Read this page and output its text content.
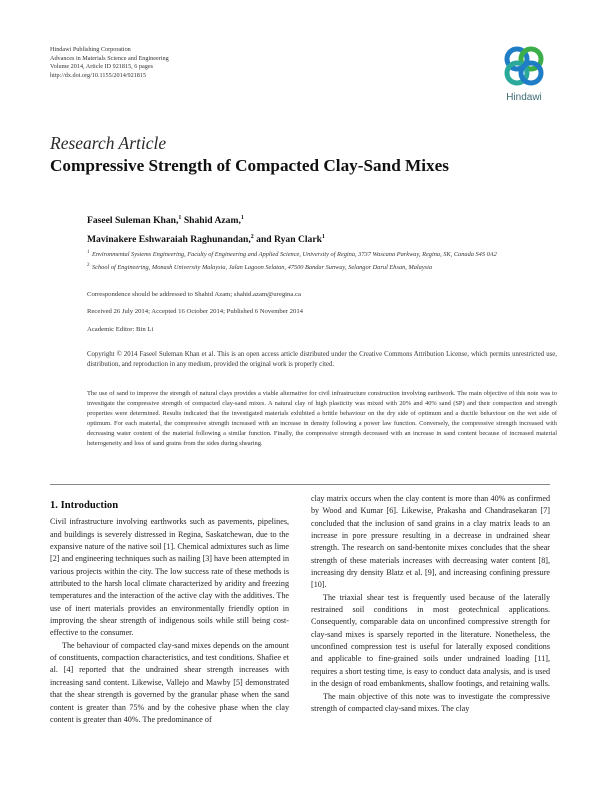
Hindawi Publishing Corporation
Advances in Materials Science and Engineering
Volume 2014, Article ID 921815, 6 pages
http://dx.doi.org/10.1155/2014/921815
Hindawi
Research Article
Compressive Strength of Compacted Clay-Sand Mixes
Faseel Suleman Khan,$^1$ Shahid Azam,$^1$
Mavinakere Eshwaraiah Raghunandan,$^2$ and Ryan Clark$^1$
1 Environmental Systems Engineering, Faculty of Engineering and Applied Science, University of Regina, 3737 Wascana Parkway, Regina, SK, Canada S4S 0A2
2 School of Engineering, Monash University Malaysia, Jalan Lagoon Selatan, 47500 Bandar Sunway, Selangor Darul Ehsan, Malaysia
Correspondence should be addressed to Shahid Azam; shahid.azam@uregina.ca
Received 26 July 2014; Accepted 16 October 2014; Published 6 November 2014
Academic Editor: Bin Li
Copyright © 2014 Faseel Suleman Khan et al. This is an open access article distributed under the Creative Commons Attribution License, which permits unrestricted use, distribution, and reproduction in any medium, provided the original work is properly cited.
The use of sand to improve the strength of natural clays provides a viable alternative for civil infrastructure construction involving earthwork. The main objective of this note was to investigate the compressive strength of compacted clay-sand mixes. A natural clay of high plasticity was mixed with 20% and 40% sand (SP) and their compaction and strength properties were determined. Results indicated that the investigated materials exhibited a brittle behaviour on the dry side of optimum and a ductile behaviour on the wet side of optimum. For each material, the compressive strength increased with an increase in density following a power law function. Conversely, the compressive strength increased with decreasing water content of the material following a similar function. Finally, the compressive strength decreased with an increase in sand content because of increased material heterogeneity and loss of sand grains from the sides during shearing.
1. Introduction

Civil infrastructure involving earthworks such as pavements, pipelines, and buildings is severely distressed in Regina, Saskatchewan, due to the expansive nature of the native soil [1]. Chemical admixtures such as lime [2] and engineering techniques such as nailing [3] have been attempted in various projects within the city. The low success rate of these methods is attributed to the harsh local climate characterized by aridity and freezing temperatures and the interaction of the active clay with the additives. The use of inert materials provides an environmentally friendly option in improving the shear strength of indigenous soils while still being cost-effective to the consumer.

The behaviour of compacted clay-sand mixes depends on the amount of constituents, compaction characteristics, and test conditions. Shafiee et al. [4] reported that the undrained shear strength increases with increasing sand content. Likewise, Vallejo and Mawby [5] demonstrated that the shear strength is governed by the granular phase when the sand content is greater than 75% and by the cohesive phase when the clay content is greater than 40%. The predominance of

clay matrix occurs when the clay content is more than 40% as confirmed by Wood and Kumar [6]. Likewise, Prakasha and Chandrasekaran [7] concluded that the inclusion of sand grains in a clay matrix leads to an increase in pore pressure resulting in a decrease in undrained shear strength. The research on sand-bentonite mixes concludes that the shear strength of these materials increases with decreasing water content [8], increasing dry density Blatz et al. [9], and increasing confining pressure [10].

The triaxial shear test is frequently used because of the laterally restrained soil conditions in most geotechnical applications. Consequently, comparable data on unconfined compressive strength for clay-sand mixes is sparsely reported in the literature. Nonetheless, the unconfined compression test is useful for laterally exposed conditions and applicable to fine-grained soils under undrained loading [11], requires a short testing time, is easy to conduct data analysis, and is used in the design of road embankments, shallow footings, and retaining walls.

The main objective of this note was to investigate the compressive strength of compacted clay-sand mixes. The clay
